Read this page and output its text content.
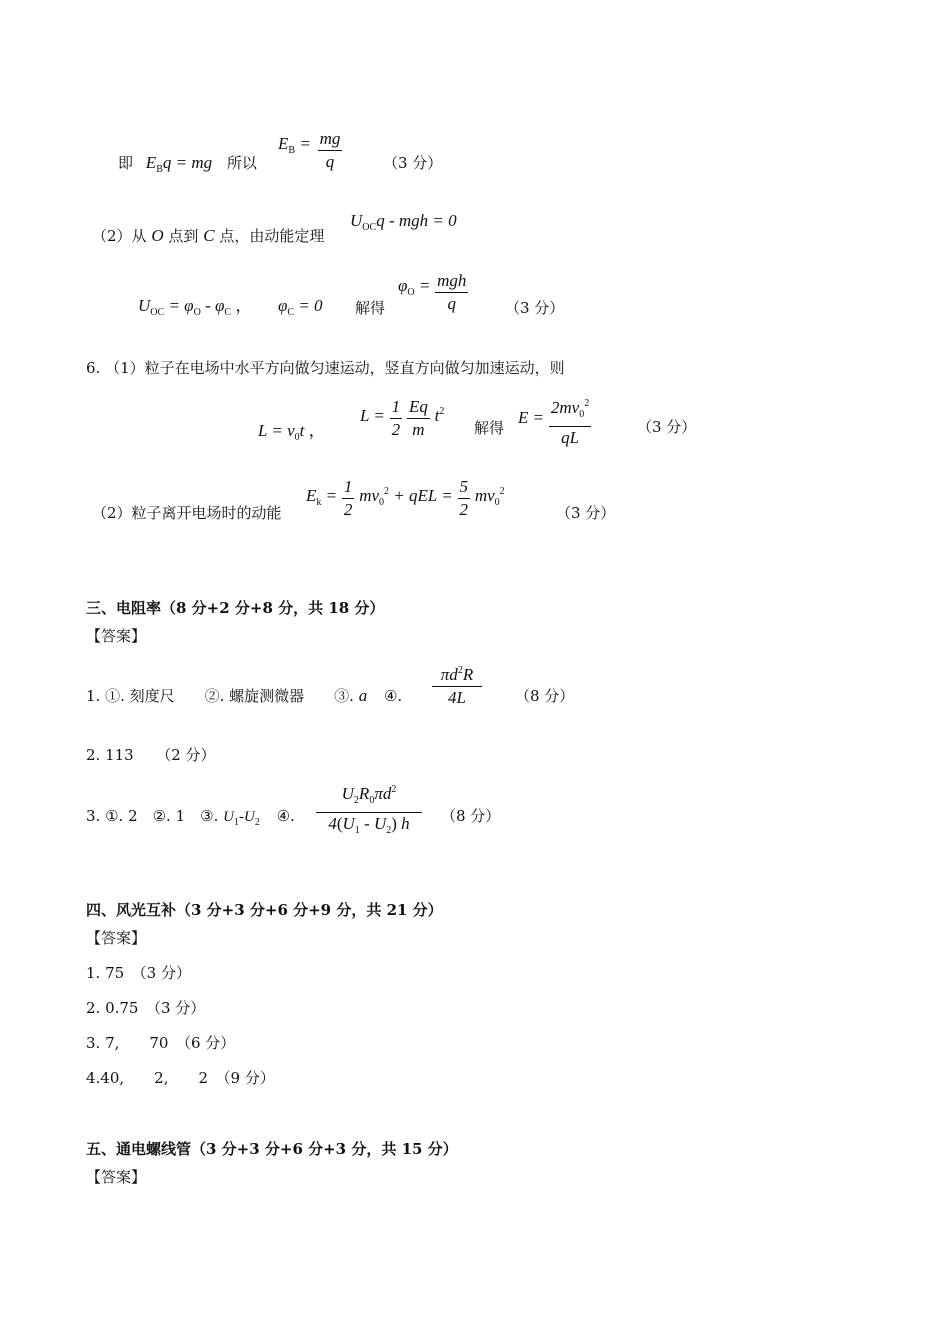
即 $E_Bq$ = mg 所以
$E_B = \frac{mg}{q}$	（3 分）
（2）从 O 点到 C 点，由动能定理
$U_{OC}q$ - mgh = 0
$U_{OC} = \varphi_O - \varphi_C$ ， $\varphi_C = 0$ 解得
$\varphi_O = \frac{\text{mgh}}{q} (3$ 分）
6. （1）粒子在电场中水平方向做匀速运动，竖直方向做匀加速运动，则
$L = v_0t$ ，
$L = \frac{1}{2}$
$\frac{Eq}{m} t^2$
解得
$E = \frac{2mv_0^2}{qL}$	（3 分）
（2）粒子离开电场时的动能
$E_k = \frac{1}{2} mv_0^2$ + qEL = $\frac{5}{2} mv_0^2$
（3 分）
三、电阻率（8 分+2 分+8 分，共 18 分）
【答案】
1. ①. 刻度尺　　②. 螺旋测微器　　③. a ④. $\frac{\pi d^2R}{4L} (8$ 分）
2. 113　　（2 分）
3. ①. 2　②. 1　③. $U_1-U_2$ ④. $\frac{U_2R_0\pi d^2}{4(U_1 - U_2) h} (8$ 分）
四、风光互补（3 分+3 分+6 分+9 分，共 21 分）
【答案】
1. 75　（3 分）
2. 0.75　（3 分）
3. 7,　　70　（6 分）
4.40,　　2,　　2　（9 分）
五、通电螺线管（3 分+3 分+6 分+3 分，共 15 分）
【答案】
